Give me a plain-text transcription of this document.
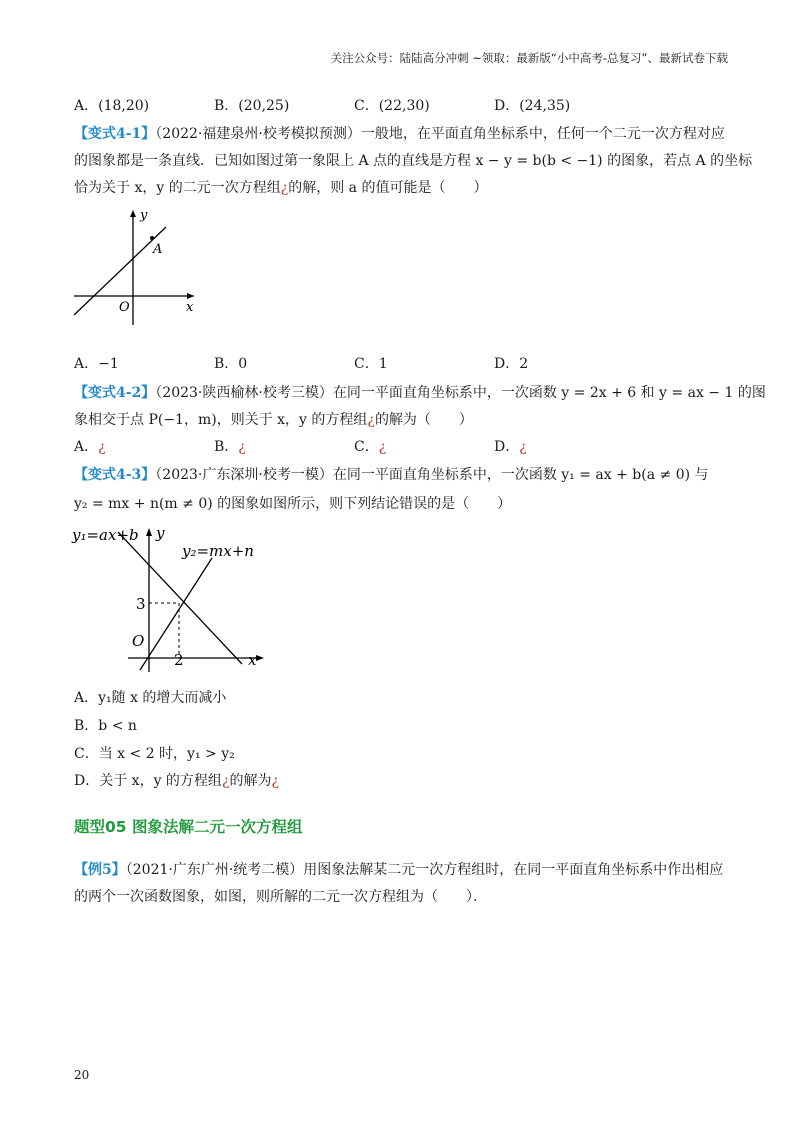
关注公众号：陆陆高分冲刺 ~领取：最新版“小中高考-总复习”、最新试卷下载
A．(18,20)	B．(20,25)	C．(22,30)	D．(24,35)
【变式4-1】（2022·福建泉州·校考模拟预测）一般地，在平面直角坐标系中，任何一个二元一次方程对应
的图象都是一条直线．已知如图过第一象限上 A 点的直线是方程 x − y = b(b < −1) 的图象，若点 A 的坐标
恰为关于 x，y 的二元一次方程组¿的解，则 a 的值可能是（　　）
y
x
O
A
A．−1	B．0	C．1	D．2
【变式4-2】（2023·陕西榆林·校考三模）在同一平面直角坐标系中，一次函数 y = 2x + 6 和 y = ax − 1 的图
象相交于点 P(−1，m)，则关于 x，y 的方程组¿的解为（　　）
A．¿	B．¿	C．¿	D．¿
【变式4-3】（2023·广东深圳·校考一模）在同一平面直角坐标系中，一次函数 y₁ = ax + b(a ≠ 0) 与
y₂ = mx + n(m ≠ 0) 的图象如图所示，则下列结论错误的是（　　）
y₁=ax+b y
y₂=mx+n
3
O
2	x
A．y₁随 x 的增大而减小
B．b < n
C．当 x < 2 时，y₁ > y₂
D．关于 x，y 的方程组¿的解为¿
题型05 图象法解二元一次方程组
【例5】（2021·广东广州·统考二模）用图象法解某二元一次方程组时，在同一平面直角坐标系中作出相应
的两个一次函数图象，如图，则所解的二元一次方程组为（　　）．
20
